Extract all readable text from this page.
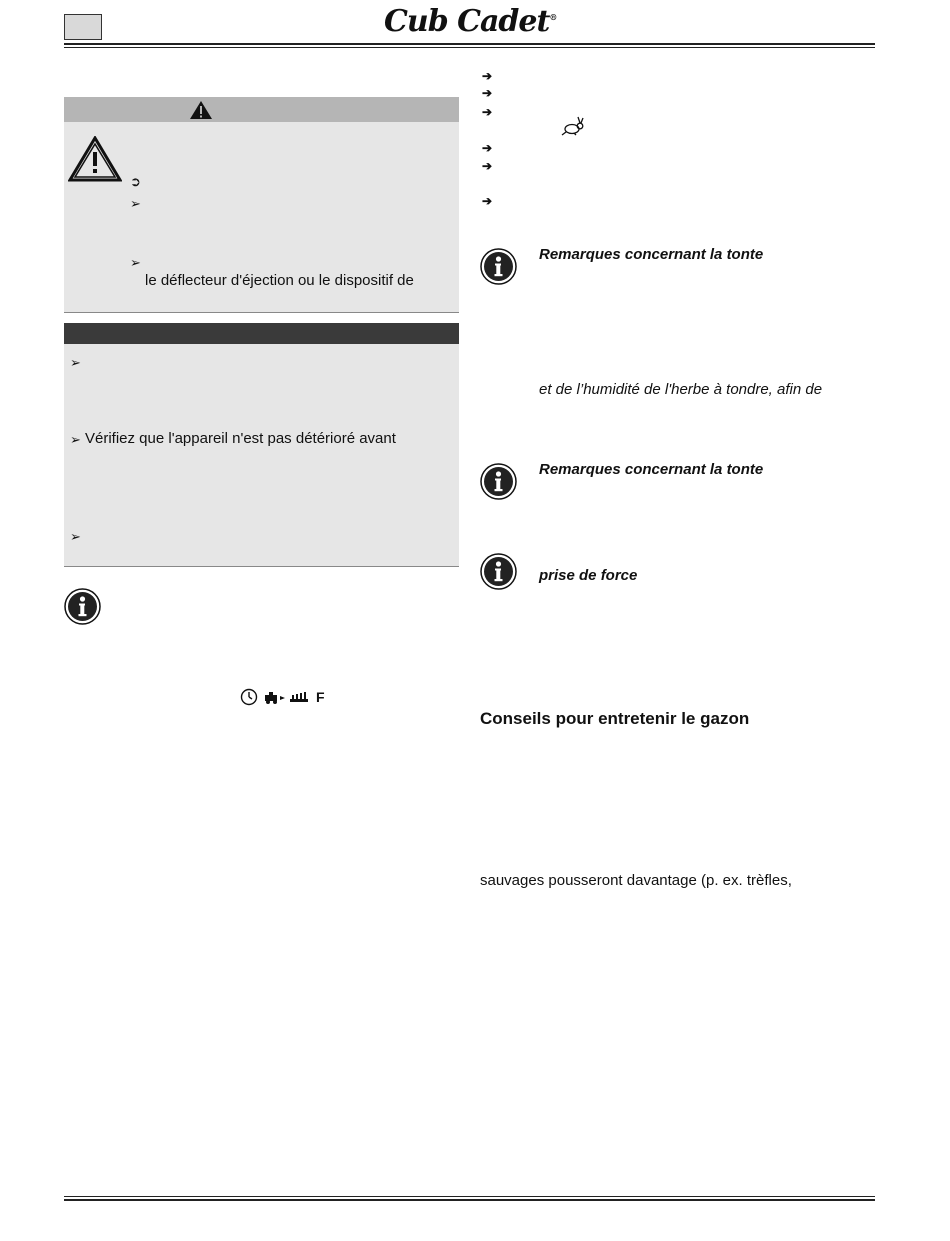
Cub Cadet®
➲
➢
➢
le déflecteur d'éjection ou le dispositif de
➢
➢ Vérifiez que l'appareil n'est pas détérioré avant
➢
F
➔
➔
➔
➔
➔
➔
Remarques concernant la tonte
et de l’humidité de l'herbe à tondre, afin de
Remarques concernant la tonte
prise de force
Conseils pour entretenir le gazon
sauvages pousseront davantage (p. ex. trèfles,
